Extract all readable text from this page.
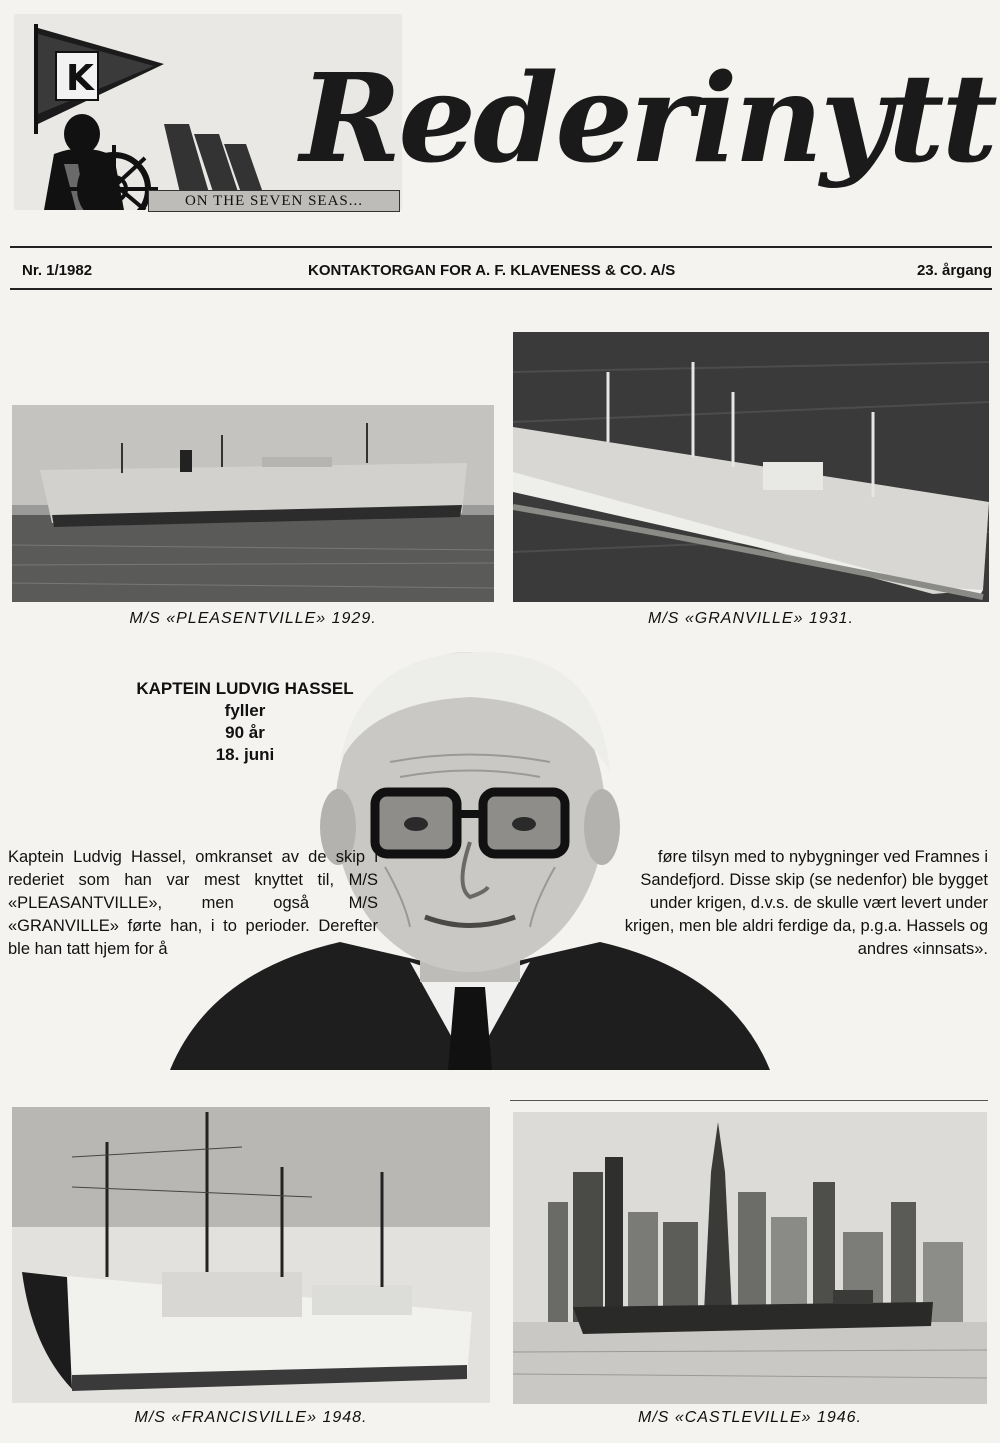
K
ON THE SEVEN SEAS...
Rederinytt
Nr. 1/1982	KONTAKTORGAN FOR A. F. KLAVENESS & CO. A/S	23. årgang
M/S «PLEASENTVILLE» 1929.	M/S «GRANVILLE» 1931.
KAPTEIN LUDVIG HASSEL
fyller
90 år
18. juni
Kaptein Ludvig Hassel, omkranset av de skip i rederiet som han var mest knyttet til, M/S «PLEASANTVILLE», men også M/S «GRANVILLE» førte han, i to perioder. Derefter ble han tatt hjem for å
føre tilsyn med to nybygninger ved Framnes i Sandefjord. Disse skip (se nedenfor) ble bygget under krigen, d.v.s. de skulle vært levert under krigen, men ble aldri ferdige da, p.g.a. Hassels og andres «innsats».
M/S «FRANCISVILLE» 1948.	M/S «CASTLEVILLE» 1946.
